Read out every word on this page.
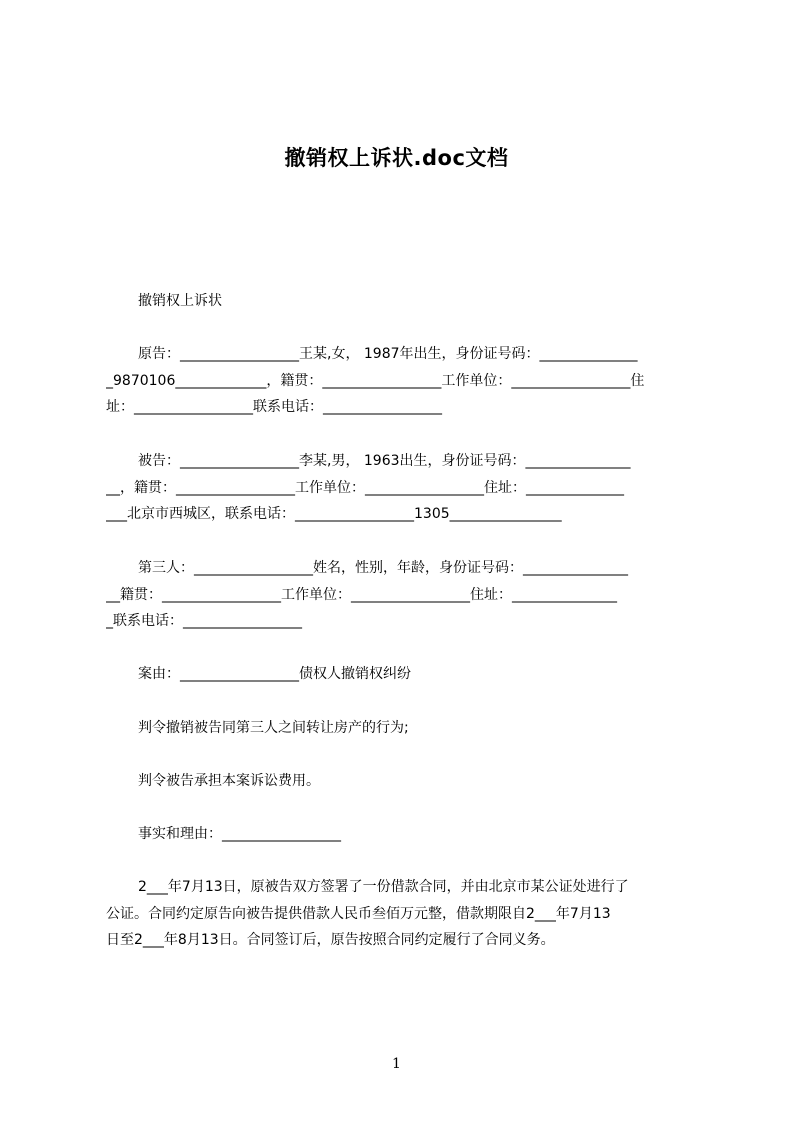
撤销权上诉状.doc文档

撤销权上诉状

原告：_________________王某,女， 1987年出生，身份证号码：______________
_9870106_____________，籍贯：_________________工作单位：_________________住
址：_________________联系电话：_________________

被告：_________________李某,男， 1963出生，身份证号码：_______________
__，籍贯：_________________工作单位：_________________住址：______________
___北京市西城区，联系电话：_________________1305________________

第三人：_________________姓名，性别，年龄，身份证号码：_______________
__籍贯：_________________工作单位：_________________住址：_______________
_联系电话：_________________

案由：_________________债权人撤销权纠纷

判令撤销被告同第三人之间转让房产的行为;

判令被告承担本案诉讼费用。

事实和理由：_________________

2___年7月13日，原被告双方签署了一份借款合同，并由北京市某公证处进行了
公证。合同约定原告向被告提供借款人民币叁佰万元整，借款期限自2___年7月13
日至2___年8月13日。合同签订后，原告按照合同约定履行了合同义务。

1
